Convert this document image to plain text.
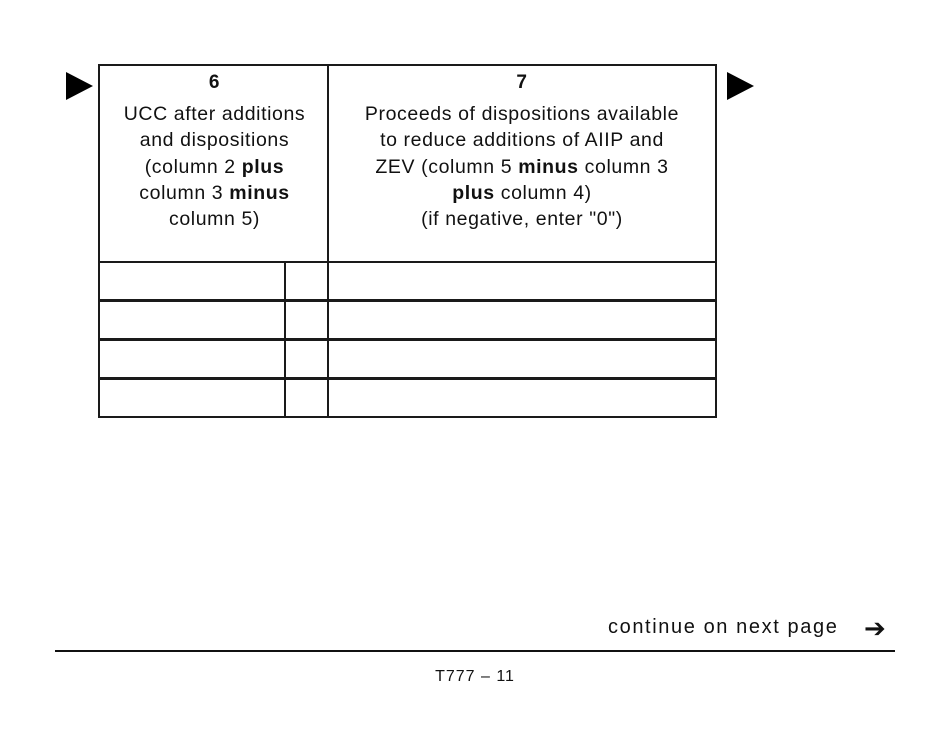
6
UCC after additions
and dispositions
(column 2 plus
column 3 minus
column 5)
7
Proceeds of dispositions available
to reduce additions of AIIP and
ZEV (column 5 minus column 3
plus column 4)
(if negative, enter "0")
continue on next page ➔
T777 – 11
